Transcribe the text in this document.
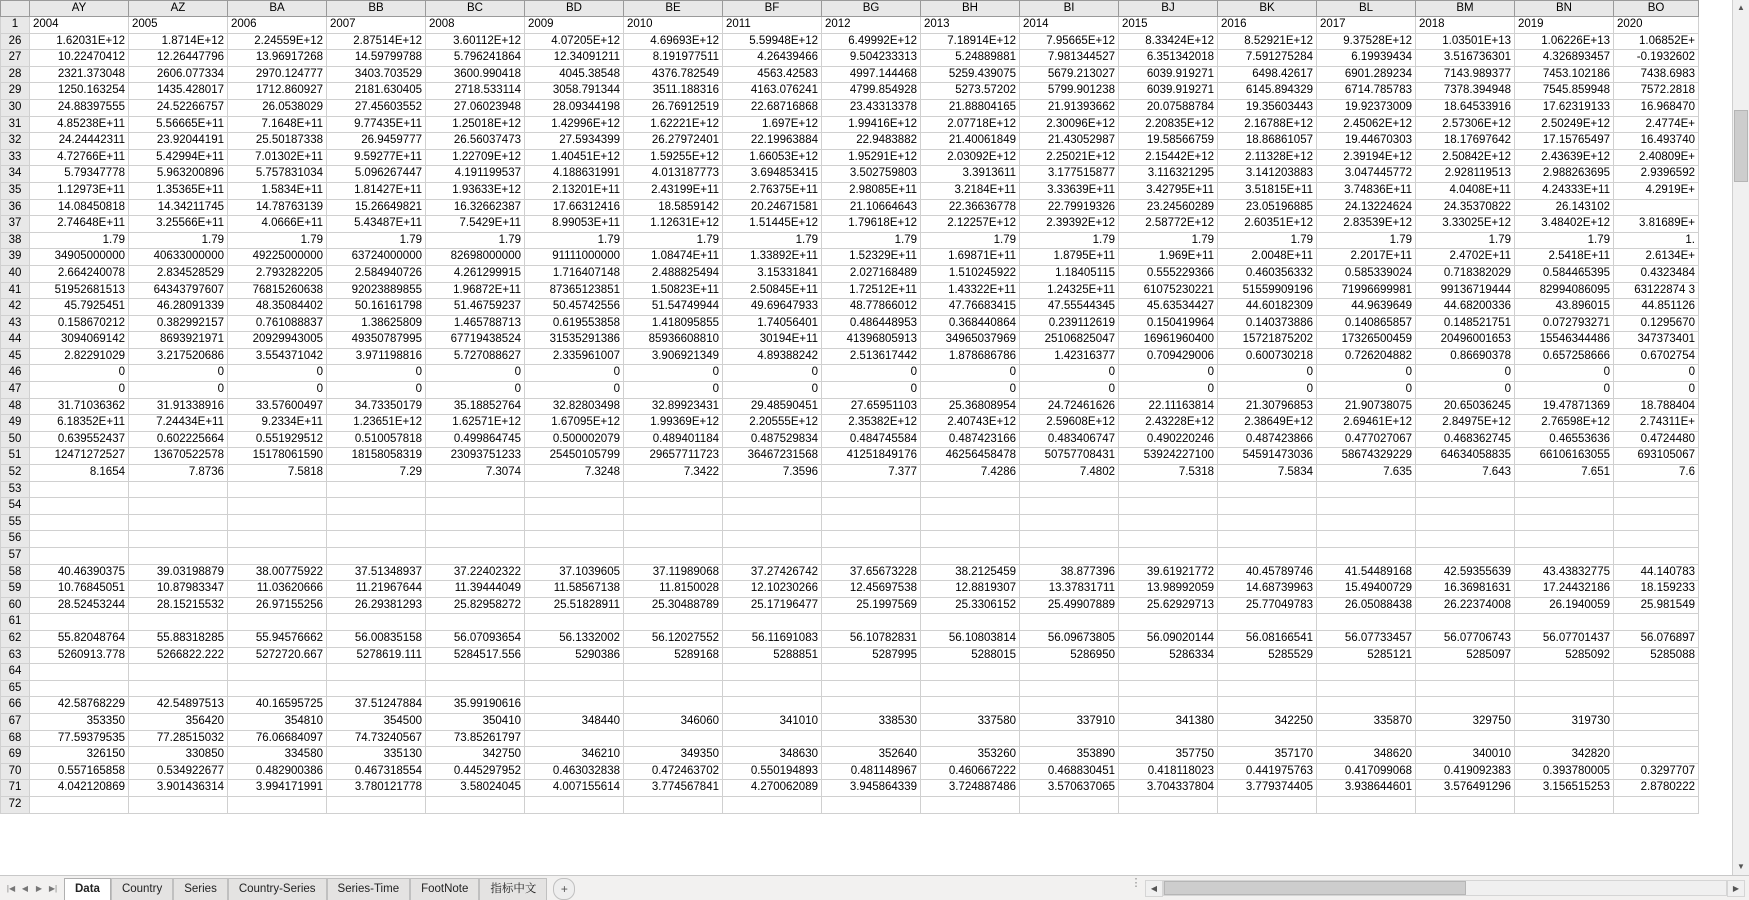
	AY	AZ	BA	BB	BC	BD	BE	BF	BG	BH	BI	BJ	BK	BL	BM	BN	BO
1	2004	2005	2006	2007	2008	2009	2010	2011	2012	2013	2014	2015	2016	2017	2018	2019	2020
26	1.62031E+12	1.8714E+12	2.24559E+12	2.87514E+12	3.60112E+12	4.07205E+12	4.69693E+12	5.59948E+12	6.49992E+12	7.18914E+12	7.95665E+12	8.33424E+12	8.52921E+12	9.37528E+12	1.03501E+13	1.06226E+13	1.06852E+
27	10.22470412	12.26447796	13.96917268	14.59799788	5.796241864	12.34091211	8.191977511	4.26439466	9.504233313	5.24889881	7.981344527	6.351342018	7.591275284	6.19939434	3.516736301	4.326893457	-0.1932602
28	2321.373048	2606.077334	2970.124777	3403.703529	3600.990418	4045.38548	4376.782549	4563.42583	4997.144468	5259.439075	5679.213027	6039.919271	6498.42617	6901.289234	7143.989377	7453.102186	7438.6983
29	1250.163254	1435.428017	1712.860927	2181.630405	2718.533114	3058.791344	3511.188316	4163.076241	4799.854928	5273.57202	5799.901238	6039.919271	6145.894329	6714.785783	7378.394948	7545.859948	7572.2818
30	24.88397555	24.52266757	26.0538029	27.45603552	27.06023948	28.09344198	26.76912519	22.68716868	23.43313378	21.88804165	21.91393662	20.07588784	19.35603443	19.92373009	18.64533916	17.62319133	16.968470
31	4.85238E+11	5.56665E+11	7.1648E+11	9.77435E+11	1.25018E+12	1.42996E+12	1.62221E+12	1.697E+12	1.99416E+12	2.07718E+12	2.30096E+12	2.20835E+12	2.16788E+12	2.45062E+12	2.57306E+12	2.50249E+12	2.4774E+
32	24.24442311	23.92044191	25.50187338	26.9459777	26.56037473	27.5934399	26.27972401	22.19963884	22.9483882	21.40061849	21.43052987	19.58566759	18.86861057	19.44670303	18.17697642	17.15765497	16.493740
33	4.72766E+11	5.42994E+11	7.01302E+11	9.59277E+11	1.22709E+12	1.40451E+12	1.59255E+12	1.66053E+12	1.95291E+12	2.03092E+12	2.25021E+12	2.15442E+12	2.11328E+12	2.39194E+12	2.50842E+12	2.43639E+12	2.40809E+
34	5.79347778	5.963200896	5.757831034	5.096267447	4.191199537	4.188631991	4.013187773	3.694853415	3.502759803	3.3913611	3.177515877	3.116321295	3.141203883	3.047445772	2.928119513	2.988263695	2.9396592
35	1.12973E+11	1.35365E+11	1.5834E+11	1.81427E+11	1.93633E+12	2.13201E+11	2.43199E+11	2.76375E+11	2.98085E+11	3.2184E+11	3.33639E+11	3.42795E+11	3.51815E+11	3.74836E+11	4.0408E+11	4.24333E+11	4.2919E+
36	14.08450818	14.34211745	14.78763139	15.26649821	16.32662387	17.66312416	18.5859142	20.24671581	21.10664643	22.36636778	22.79919326	23.24560289	23.05196885	24.13224624	24.35370822	26.143102	
37	2.74648E+11	3.25566E+11	4.0666E+11	5.43487E+11	7.5429E+11	8.99053E+11	1.12631E+12	1.51445E+12	1.79618E+12	2.12257E+12	2.39392E+12	2.58772E+12	2.60351E+12	2.83539E+12	3.33025E+12	3.48402E+12	3.81689E+
38	1.79	1.79	1.79	1.79	1.79	1.79	1.79	1.79	1.79	1.79	1.79	1.79	1.79	1.79	1.79	1.79	1.
39	34905000000	40633000000	49225000000	63724000000	82698000000	91111000000	1.08474E+11	1.33892E+11	1.52329E+11	1.69871E+11	1.8795E+11	1.969E+11	2.0048E+11	2.2017E+11	2.4702E+11	2.5418E+11	2.6134E+
40	2.664240078	2.834528529	2.793282205	2.584940726	4.261299915	1.716407148	2.488825494	3.15331841	2.027168489	1.510245922	1.18405115	0.555229366	0.460356332	0.585339024	0.718382029	0.584465395	0.4323484
41	51952681513	64343797607	76815260638	92023889855	1.96872E+11	87365123851	1.50823E+11	2.50845E+11	1.72512E+11	1.43322E+11	1.24325E+11	61075230221	51559909196	71996699981	99136719444	82994086095	63122874 3
42	45.7925451	46.28091339	48.35084402	50.16161798	51.46759237	50.45742556	51.54749944	49.69647933	48.77866012	47.76683415	47.55544345	45.63534427	44.60182309	44.9639649	44.68200336	43.896015	44.851126
43	0.158670212	0.382992157	0.761088837	1.38625809	1.465788713	0.619553858	1.418095855	1.74056401	0.486448953	0.368440864	0.239112619	0.150419964	0.140373886	0.140865857	0.148521751	0.072793271	0.1295670
44	3094069142	8693921971	20929943005	49350787995	67719438524	31535291386	85936608810	30194E+11	41396805913	34965037969	25106825047	16961960400	15721875202	17326500459	20496001653	15546344486	347373401
45	2.82291029	3.217520686	3.554371042	3.971198816	5.727088627	2.335961007	3.906921349	4.89388242	2.513617442	1.878686786	1.42316377	0.709429006	0.600730218	0.726204882	0.86690378	0.657258666	0.6702754
46	0	0	0	0	0	0	0	0	0	0	0	0	0	0	0	0	0
47	0	0	0	0	0	0	0	0	0	0	0	0	0	0	0	0	0
48	31.71036362	31.91338916	33.57600497	34.73350179	35.18852764	32.82803498	32.89923431	29.48590451	27.65951103	25.36808954	24.72461626	22.11163814	21.30796853	21.90738075	20.65036245	19.47871369	18.788404
49	6.18352E+11	7.24434E+11	9.2334E+11	1.23651E+12	1.62571E+12	1.67095E+12	1.99369E+12	2.20555E+12	2.35382E+12	2.40743E+12	2.59608E+12	2.43228E+12	2.38649E+12	2.69461E+12	2.84975E+12	2.76598E+12	2.74311E+
50	0.639552437	0.602225664	0.551929512	0.510057818	0.499864745	0.500002079	0.489401184	0.487529834	0.484745584	0.487423166	0.483406747	0.490220246	0.487423866	0.477027067	0.468362745	0.46553636	0.4724480
51	12471272527	13670522578	15178061590	18158058319	23093751233	25450105799	29657711723	36467231568	41251849176	46256458478	50757708431	53924227100	54591473036	58674329229	64634058835	66106163055	693105067
52	8.1654	7.8736	7.5818	7.29	7.3074	7.3248	7.3422	7.3596	7.377	7.4286	7.4802	7.5318	7.5834	7.635	7.643	7.651	7.6
53																	
54																	
55																	
56																	
57																	
58	40.46390375	39.03198879	38.00775922	37.51348937	37.22402322	37.1039605	37.11989068	37.27426742	37.65673228	38.2125459	38.877396	39.61921772	40.45789746	41.54489168	42.59355639	43.43832775	44.140783
59	10.76845051	10.87983347	11.03620666	11.21967644	11.39444049	11.58567138	11.8150028	12.10230266	12.45697538	12.8819307	13.37831711	13.98992059	14.68739963	15.49400729	16.36981631	17.24432186	18.159233
60	28.52453244	28.15215532	26.97155256	26.29381293	25.82958272	25.51828911	25.30488789	25.17196477	25.1997569	25.3306152	25.49907889	25.62929713	25.77049783	26.05088438	26.22374008	26.1940059	25.981549
61																	
62	55.82048764	55.88318285	55.94576662	56.00835158	56.07093654	56.1332002	56.12027552	56.11691083	56.10782831	56.10803814	56.09673805	56.09020144	56.08166541	56.07733457	56.07706743	56.07701437	56.076897
63	5260913.778	5266822.222	5272720.667	5278619.111	5284517.556	5290386	5289168	5288851	5287995	5288015	5286950	5286334	5285529	5285121	5285097	5285092	5285088
64																	
65																	
66	42.58768229	42.54897513	40.16595725	37.51247884	35.99190616												
67	353350	356420	354810	354500	350410	348440	346060	341010	338530	337580	337910	341380	342250	335870	329750	319730	
68	77.59379535	77.28515032	76.06684097	74.73240567	73.85261797												
69	326150	330850	334580	335130	342750	346210	349350	348630	352640	353260	353890	357750	357170	348620	340010	342820	
70	0.557165858	0.534922677	0.482900386	0.467318554	0.445297952	0.463032838	0.472463702	0.550194893	0.481148967	0.460667222	0.468830451	0.418118023	0.441975763	0.417099068	0.419092383	0.393780005	0.3297707
71	4.042120869	3.901436314	3.994171991	3.780121778	3.58024045	4.007155614	3.774567841	4.270062089	3.945864339	3.724887486	3.570637065	3.704337804	3.779374405	3.938644601	3.576491296	3.156515253	2.8780222
72																	
▲
▼
|◀ ◀ ▶ ▶|	Data	Country	Series	Country-Series	Series-Time	FootNote	指标中文	+	⋮	◀	▶
